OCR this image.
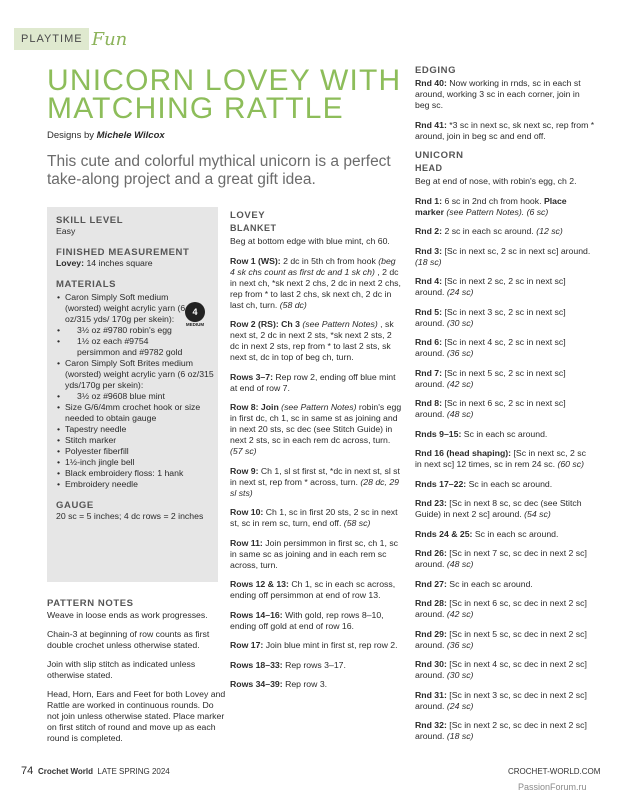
PLAYTIME Fun
UNICORN LOVEY WITH MATCHING RATTLE
Designs by Michele Wilcox
This cute and colorful mythical unicorn is a perfect take-along project and a great gift idea.
SKILL LEVEL

Easy

FINISHED MEASUREMENT

Lovey: 14 inches square

MATERIALS
• Caron Simply Soft medium (worsted) weight acrylic yarn (6 oz/315 yds/ 170g per skein):
• 3½ oz #9780 robin's egg
• 1½ oz each #9754 persimmon and #9782 gold
• Caron Simply Soft Brites medium (worsted) weight acrylic yarn (6 oz/315 yds/170g per skein):
• 3½ oz #9608 blue mint
• Size G/6/4mm crochet hook or size needed to obtain gauge
• Tapestry needle
• Stitch marker
• Polyester fiberfill
• 1½-inch jingle bell
• Black embroidery floss: 1 hank
• Embroidery needle
GAUGE

20 sc = 5 inches; 4 dc rows = 2 inches

4
MEDIUM
PATTERN NOTES

Weave in loose ends as work progresses.

Chain-3 at beginning of row counts as first double crochet unless otherwise stated.

Join with slip stitch as indicated unless otherwise stated.

Head, Horn, Ears and Feet for both Lovey and Rattle are worked in continuous rounds. Do not join unless otherwise stated. Place marker on first stitch of round and move up as each round is completed.

LOVEY
BLANKET

Beg at bottom edge with blue mint, ch 60.

Row 1 (WS): 2 dc in 5th ch from hook (beg 4 sk chs count as first dc and 1 sk ch) , 2 dc in next ch, *sk next 2 chs, 2 dc in next 2 chs, rep from * to last 2 chs, sk next ch, 2 dc in last ch, turn. (58 dc)

Row 2 (RS): Ch 3 (see Pattern Notes) , sk next st, 2 dc in next 2 sts, *sk next 2 sts, 2 dc in next 2 sts, rep from * to last 2 sts, sk next st, dc in top of beg ch, turn.

Rows 3–7: Rep row 2, ending off blue mint at end of row 7.

Row 8: Join (see Pattern Notes) robin's egg in first dc, ch 1, sc in same st as joining and in next 20 sts, sc dec (see Stitch Guide) in next 2 sts, sc in each rem dc across, turn. (57 sc)

Row 9: Ch 1, sl st first st, *dc in next st, sl st in next st, rep from * across, turn. (28 dc, 29 sl sts)

Row 10: Ch 1, sc in first 20 sts, 2 sc in next st, sc in rem sc, turn, end off. (58 sc)

Row 11: Join persimmon in first sc, ch 1, sc in same sc as joining and in each rem sc across, turn.

Rows 12 & 13: Ch 1, sc in each sc across, ending off persimmon at end of row 13.

Rows 14–16: With gold, rep rows 8–10, ending off gold at end of row 16.

Row 17: Join blue mint in first st, rep row 2.

Rows 18–33: Rep rows 3–17.

Rows 34–39: Rep row 3.

EDGING

Rnd 40: Now working in rnds, sc in each st around, working 3 sc in each corner, join in beg sc.

Rnd 41: *3 sc in next sc, sk next sc, rep from * around, join in beg sc and end off.

UNICORN
HEAD

Beg at end of nose, with robin's egg, ch 2.

Rnd 1: 6 sc in 2nd ch from hook. Place marker (see Pattern Notes). (6 sc)

Rnd 2: 2 sc in each sc around. (12 sc)

Rnd 3: [Sc in next sc, 2 sc in next sc] around. (18 sc)

Rnd 4: [Sc in next 2 sc, 2 sc in next sc] around. (24 sc)

Rnd 5: [Sc in next 3 sc, 2 sc in next sc] around. (30 sc)

Rnd 6: [Sc in next 4 sc, 2 sc in next sc] around. (36 sc)

Rnd 7: [Sc in next 5 sc, 2 sc in next sc] around. (42 sc)

Rnd 8: [Sc in next 6 sc, 2 sc in next sc] around. (48 sc)

Rnds 9–15: Sc in each sc around.

Rnd 16 (head shaping): [Sc in next sc, 2 sc in next sc] 12 times, sc in rem 24 sc. (60 sc)

Rnds 17–22: Sc in each sc around.

Rnd 23: [Sc in next 8 sc, sc dec (see Stitch Guide) in next 2 sc] around. (54 sc)

Rnds 24 & 25: Sc in each sc around.

Rnd 26: [Sc in next 7 sc, sc dec in next 2 sc] around. (48 sc)

Rnd 27: Sc in each sc around.

Rnd 28: [Sc in next 6 sc, sc dec in next 2 sc] around. (42 sc)

Rnd 29: [Sc in next 5 sc, sc dec in next 2 sc] around. (36 sc)

Rnd 30: [Sc in next 4 sc, sc dec in next 2 sc] around. (30 sc)

Rnd 31: [Sc in next 3 sc, sc dec in next 2 sc] around. (24 sc)

Rnd 32: [Sc in next 2 sc, sc dec in next 2 sc] around. (18 sc)

74 Crochet World LATE SPRING 2024	CROCHET-WORLD.COM
PassionForum.ru
